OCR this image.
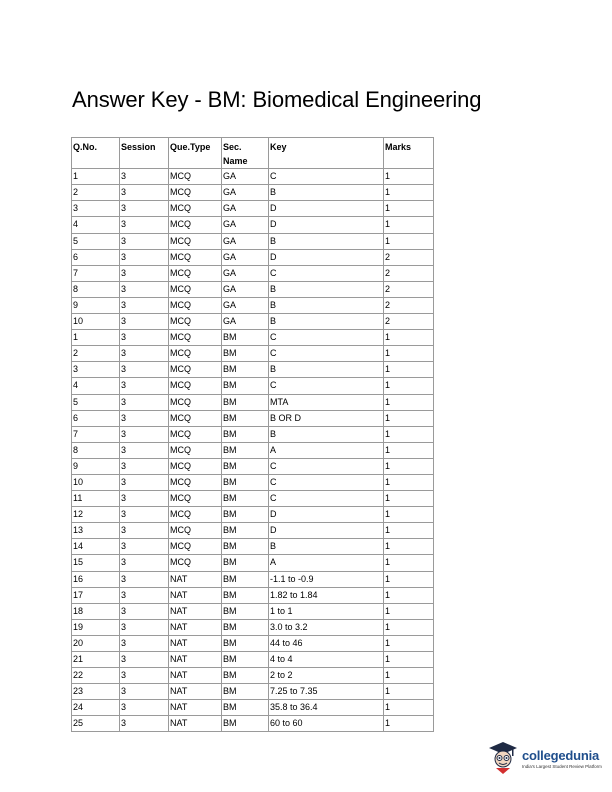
Answer Key - BM: Biomedical Engineering
Q.No.	Session	Que.Type	Sec. Name	Key	Marks
1	3	MCQ	GA	C	1
2	3	MCQ	GA	B	1
3	3	MCQ	GA	D	1
4	3	MCQ	GA	D	1
5	3	MCQ	GA	B	1
6	3	MCQ	GA	D	2
7	3	MCQ	GA	C	2
8	3	MCQ	GA	B	2
9	3	MCQ	GA	B	2
10	3	MCQ	GA	B	2
1	3	MCQ	BM	C	1
2	3	MCQ	BM	C	1
3	3	MCQ	BM	B	1
4	3	MCQ	BM	C	1
5	3	MCQ	BM	MTA	1
6	3	MCQ	BM	B OR D	1
7	3	MCQ	BM	B	1
8	3	MCQ	BM	A	1
9	3	MCQ	BM	C	1
10	3	MCQ	BM	C	1
11	3	MCQ	BM	C	1
12	3	MCQ	BM	D	1
13	3	MCQ	BM	D	1
14	3	MCQ	BM	B	1
15	3	MCQ	BM	A	1
16	3	NAT	BM	-1.1 to -0.9	1
17	3	NAT	BM	1.82 to 1.84	1
18	3	NAT	BM	1 to 1	1
19	3	NAT	BM	3.0 to 3.2	1
20	3	NAT	BM	44 to 46	1
21	3	NAT	BM	4 to 4	1
22	3	NAT	BM	2 to 2	1
23	3	NAT	BM	7.25 to 7.35	1
24	3	NAT	BM	35.8 to 36.4	1
25	3	NAT	BM	60 to 60	1
collegedunia
India's Largest Student Review Platform
